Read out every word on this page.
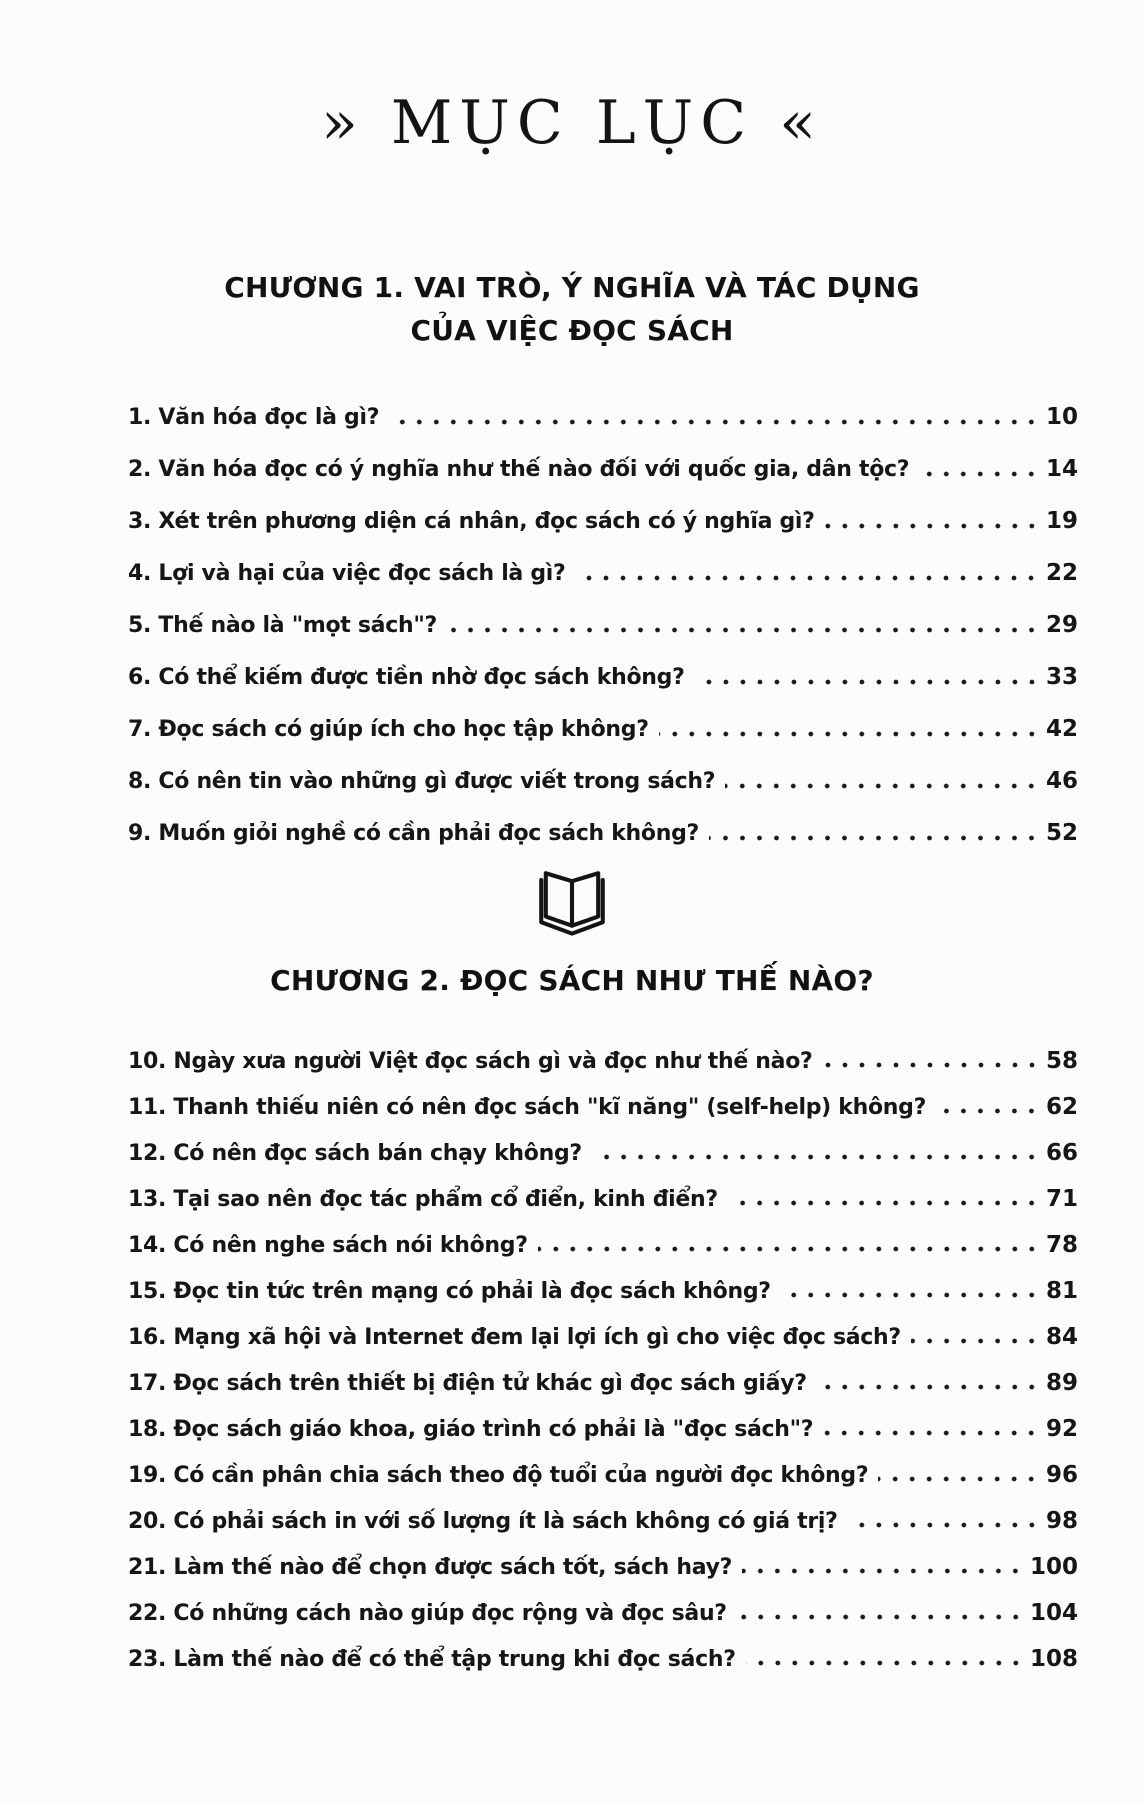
» MỤC LỤC «
CHƯƠNG 1. VAI TRÒ, Ý NGHĨA VÀ TÁC DỤNG
CỦA VIỆC ĐỌC SÁCH
1. Văn hóa đọc là gì?	10
2. Văn hóa đọc có ý nghĩa như thế nào đối với quốc gia, dân tộc?	14
3. Xét trên phương diện cá nhân, đọc sách có ý nghĩa gì?	19
4. Lợi và hại của việc đọc sách là gì?	22
5. Thế nào là "mọt sách"?	29
6. Có thể kiếm được tiền nhờ đọc sách không?	33
7. Đọc sách có giúp ích cho học tập không?	42
8. Có nên tin vào những gì được viết trong sách?	46
9. Muốn giỏi nghề có cần phải đọc sách không?	52
CHƯƠNG 2. ĐỌC SÁCH NHƯ THẾ NÀO?
10. Ngày xưa người Việt đọc sách gì và đọc như thế nào?	58
11. Thanh thiếu niên có nên đọc sách "kĩ năng" (self-help) không?	62
12. Có nên đọc sách bán chạy không?	66
13. Tại sao nên đọc tác phẩm cổ điển, kinh điển?	71
14. Có nên nghe sách nói không?	78
15. Đọc tin tức trên mạng có phải là đọc sách không?	81
16. Mạng xã hội và Internet đem lại lợi ích gì cho việc đọc sách?	84
17. Đọc sách trên thiết bị điện tử khác gì đọc sách giấy?	89
18. Đọc sách giáo khoa, giáo trình có phải là "đọc sách"?	92
19. Có cần phân chia sách theo độ tuổi của người đọc không?	96
20. Có phải sách in với số lượng ít là sách không có giá trị?	98
21. Làm thế nào để chọn được sách tốt, sách hay?	100
22. Có những cách nào giúp đọc rộng và đọc sâu?	104
23. Làm thế nào để có thể tập trung khi đọc sách?	108
